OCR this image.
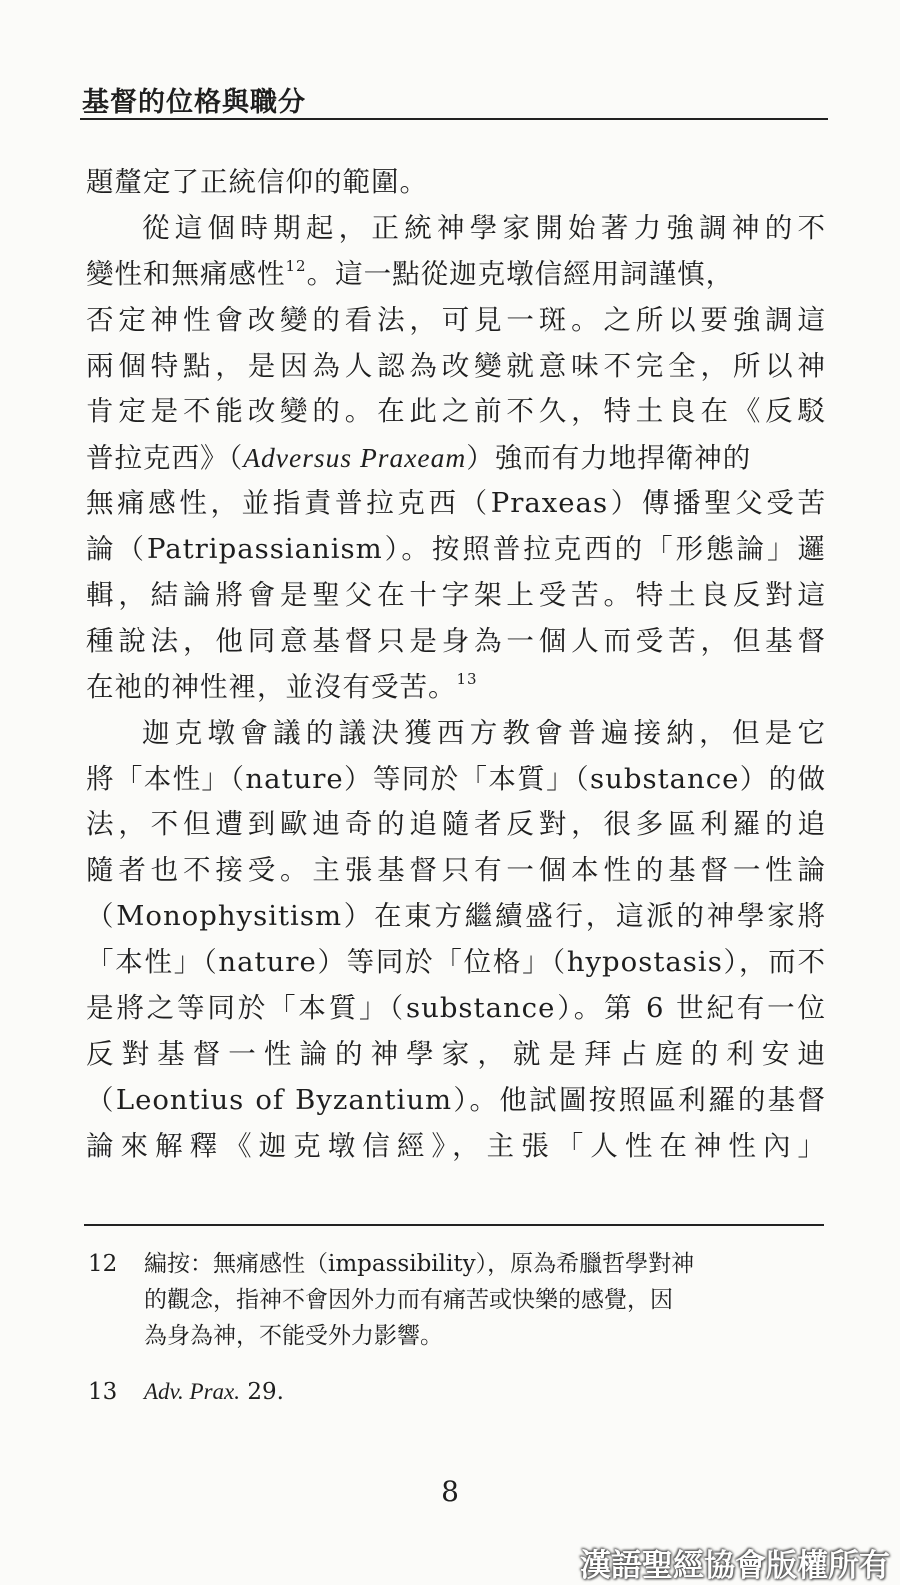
基督的位格與職分
題釐定了正統信仰的範圍。
從這個時期起，正統神學家開始著力強調神的不
變性和無痛感性$^{12}$。這一點從迦克墩信經用詞謹慎，
否定神性會改變的看法，可見一斑。之所以要強調這
兩個特點，是因為人認為改變就意味不完全，所以神
肯定是不能改變的。在此之前不久，特土良在《反駁
普拉克西》（Adversus Praxeam）強而有力地捍衛神的
無痛感性，並指責普拉克西（Praxeas）傳播聖父受苦
論（Patripassianism）。按照普拉克西的「形態論」邏
輯，結論將會是聖父在十字架上受苦。特土良反對這
種說法，他同意基督只是身為一個人而受苦，但基督
在祂的神性裡，並沒有受苦。$^{13}$
迦克墩會議的議決獲西方教會普遍接納，但是它
將「本性」（nature）等同於「本質」（substance）的做
法，不但遭到歐迪奇的追隨者反對，很多區利羅的追
隨者也不接受。主張基督只有一個本性的基督一性論
（Monophysitism）在東方繼續盛行，這派的神學家將
「本性」（nature）等同於「位格」（hypostasis），而不
是將之等同於「本質」（substance）。第 6 世紀有一位
反對基督一性論的神學家，就是拜占庭的利安迪
（Leontius of Byzantium）。他試圖按照區利羅的基督
論來解釋《迦克墩信經》，主張「人性在神性內」
12 編按：無痛感性（impassibility），原為希臘哲學對神
的觀念，指神不會因外力而有痛苦或快樂的感覺，因
為身為神，不能受外力影響。
13 Adv. Prax. 29.
8
漢語聖經協會版權所有
